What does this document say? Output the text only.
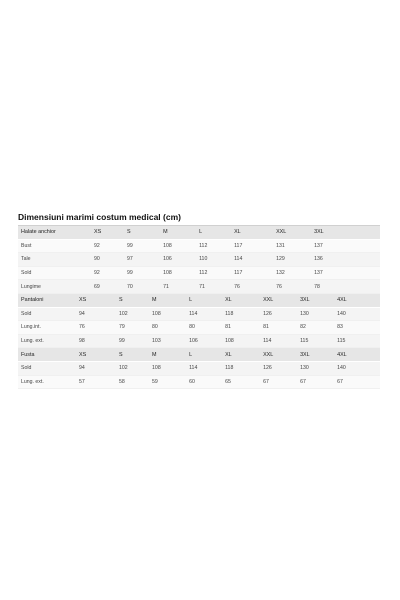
Dimensiuni marimi costum medical (cm)
Halate anchior		XS		S		M		L		XL		XXL		3XL	
Bust		92		99		108		112		117		131		137	
Tale		90		97		106		110		114		129		136	
Sold		92		99		108		112		117		132		137	
Lungime		69		70		71		71		76		76		78	
Pantaloni	XS		S		M		L		XL		XXL		3XL		4XL
Sold	94		102		108		114		118		126		130		140
Lung.int.	76		79		80		80		81		81		82		83
Lung. ext.	98		99		103		106		108		114		115		115
Fusta	XS		S		M		L		XL		XXL		3XL		4XL
Sold	94		102		108		114		118		126		130		140
Lung. ext.	57		58		59		60		65		67		67		67
